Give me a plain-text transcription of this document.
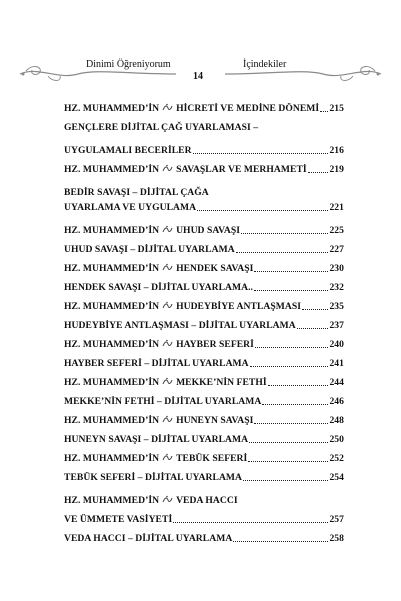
Dinimi Öğreniyorum	İçindekiler
14
HZ. MUHAMMED’İN HİCRETİ VE MEDİNE DÖNEMİ 215
GENÇLERE DİJİTAL ÇAĞ UYARLAMASI –
UYGULAMALI BECERİLER	216
HZ. MUHAMMED’İN SAVAŞLAR VE MERHAMETİ 219
BEDİR SAVAŞI – DİJİTAL ÇAĞA
UYARLAMA VE UYGULAMA	221
HZ. MUHAMMED’İN UHUD SAVAŞI	225
UHUD SAVAŞI – DİJİTAL UYARLAMA	227
HZ. MUHAMMED’İN HENDEK SAVAŞI	230
HENDEK SAVAŞI – DİJİTAL UYARLAMA..	232
HZ. MUHAMMED’İN HUDEYBİYE ANTLAŞMASI	235
HUDEYBİYE ANTLAŞMASI – DİJİTAL UYARLAMA	237
HZ. MUHAMMED’İN HAYBER SEFERİ	240
HAYBER SEFERİ – DİJİTAL UYARLAMA	241
HZ. MUHAMMED’İN MEKKE’NİN FETHİ	244
MEKKE’NİN FETHİ – DİJİTAL UYARLAMA	246
HZ. MUHAMMED’İN HUNEYN SAVAŞI	248
HUNEYN SAVAŞI – DİJİTAL UYARLAMA	250
HZ. MUHAMMED’İN TEBÜK SEFERİ	252
TEBÜK SEFERİ – DİJİTAL UYARLAMA	254
HZ. MUHAMMED’İN VEDA HACCI
VE ÜMMETE VASİYETİ	257
VEDA HACCI – DİJİTAL UYARLAMA	258
